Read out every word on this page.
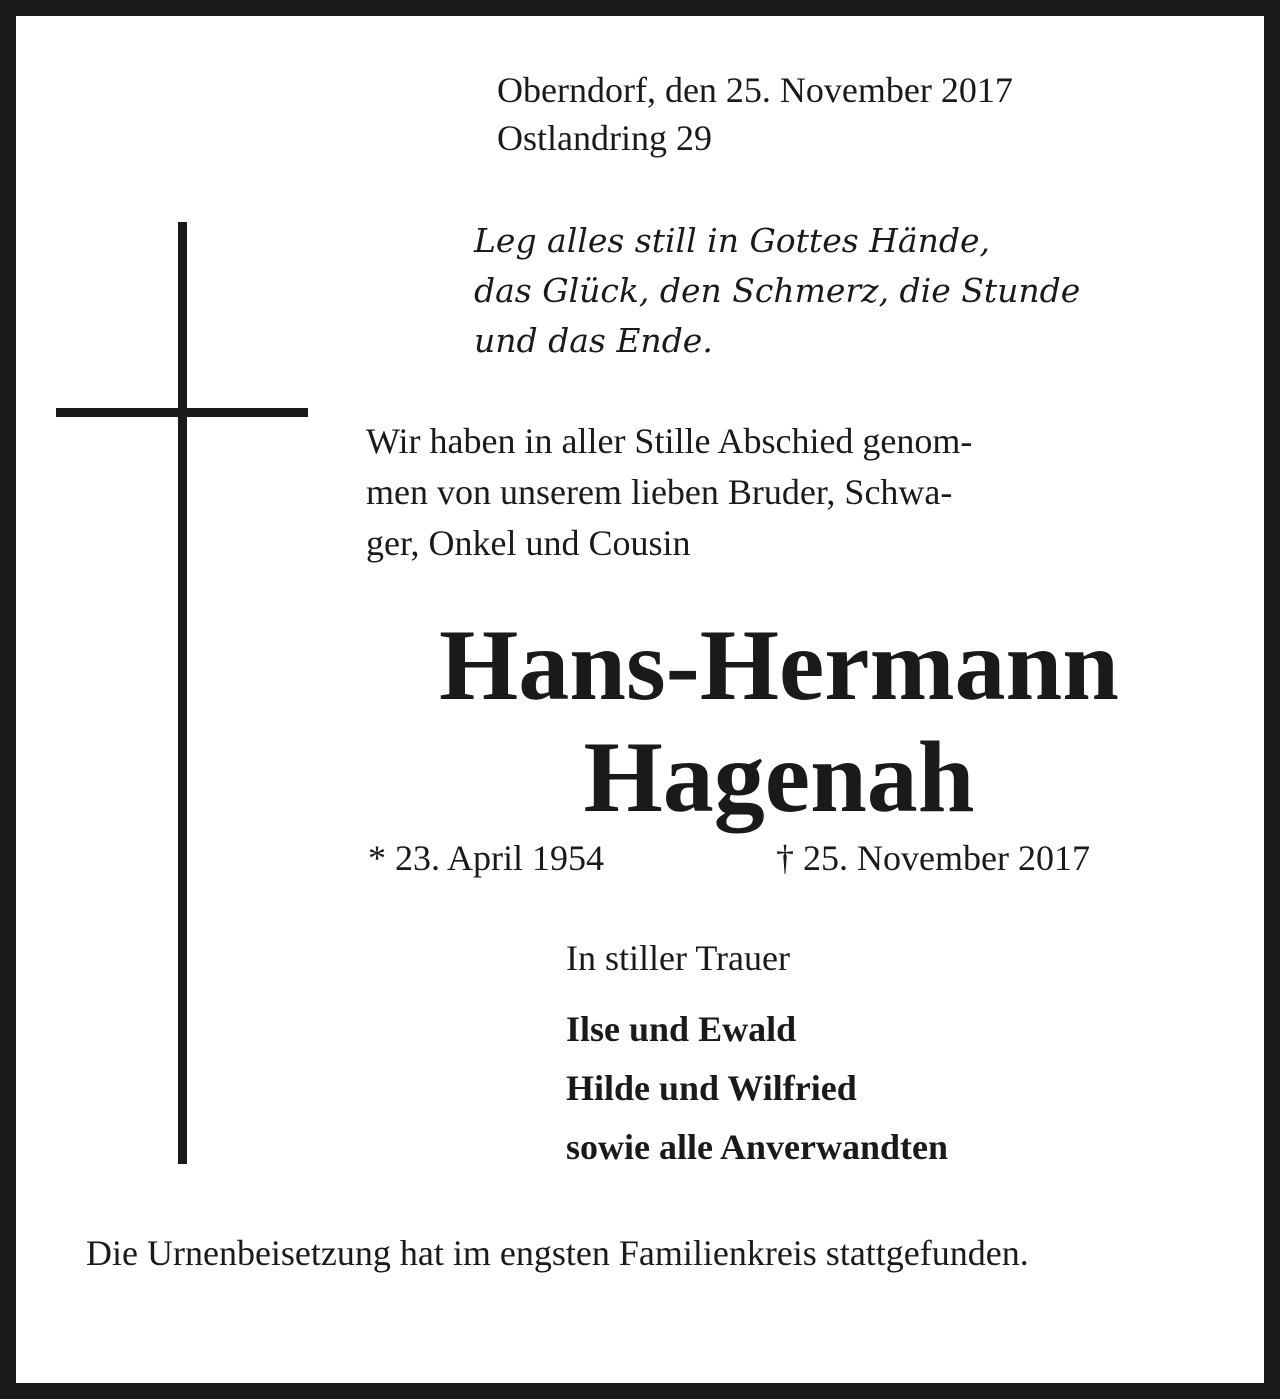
Oberndorf, den 25. November 2017
Ostlandring 29
Leg alles still in Gottes Hände,
das Glück, den Schmerz, die Stunde
und das Ende.
Wir haben in aller Stille Abschied genom-
men von unserem lieben Bruder, Schwa-
ger, Onkel und Cousin
Hans-Hermann
Hagenah
* 23. April 1954	† 25. November 2017
In stiller Trauer
Ilse und Ewald
Hilde und Wilfried
sowie alle Anverwandten
Die Urnenbeisetzung hat im engsten Familienkreis stattgefunden.
